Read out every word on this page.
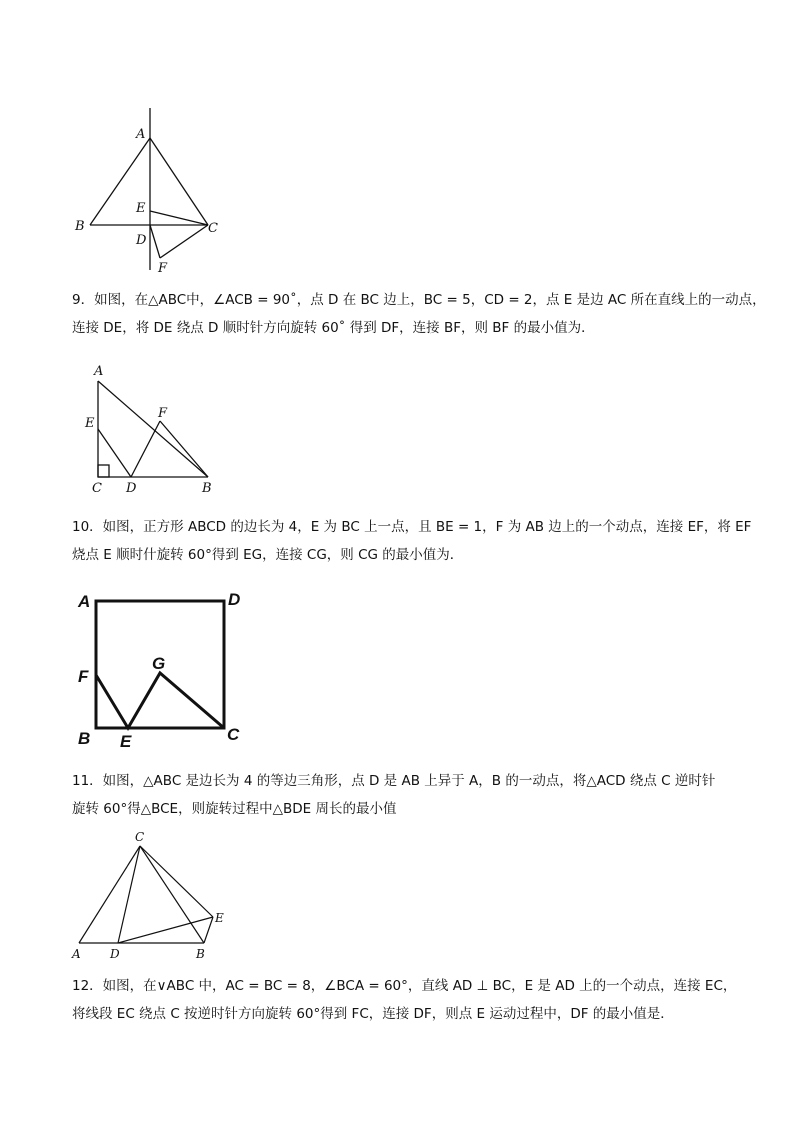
A
B	C
D
E
F

9．如图，在△ABC中，∠ACB = 90˚，点 D 在 BC 边上，BC = 5，CD = 2，点 E 是边 AC 所在直线上的一动点，

连接 DE，将 DE 绕点 D 顺时针方向旋转 60˚ 得到 DF，连接 BF，则 BF 的最小值为．

A
E
F
C D	B

10．如图，正方形 ABCD 的边长为 4，E 为 BC 上一点，且 BE = 1，F 为 AB 边上的一个动点，连接 EF，将 EF

烧点 E 顺时什旋转 60°得到 EG，连接 CG，则 CG 的最小值为．

A	D
F
G
B E	C

11．如图，△ABC 是边长为 4 的等边三角形，点 D 是 AB 上异于 A，B 的一动点，将△ACD 绕点 C 逆时针

旋转 60°得△BCE，则旋转过程中△BDE 周长的最小值

C
E
A D	B

12．如图，在∨ABC 中，AC = BC = 8，∠BCA = 60°，直线 AD ⊥ BC，E 是 AD 上的一个动点，连接 EC，

将线段 EC 绕点 C 按逆时针方向旋转 60°得到 FC，连接 DF，则点 E 运动过程中，DF 的最小值是．
